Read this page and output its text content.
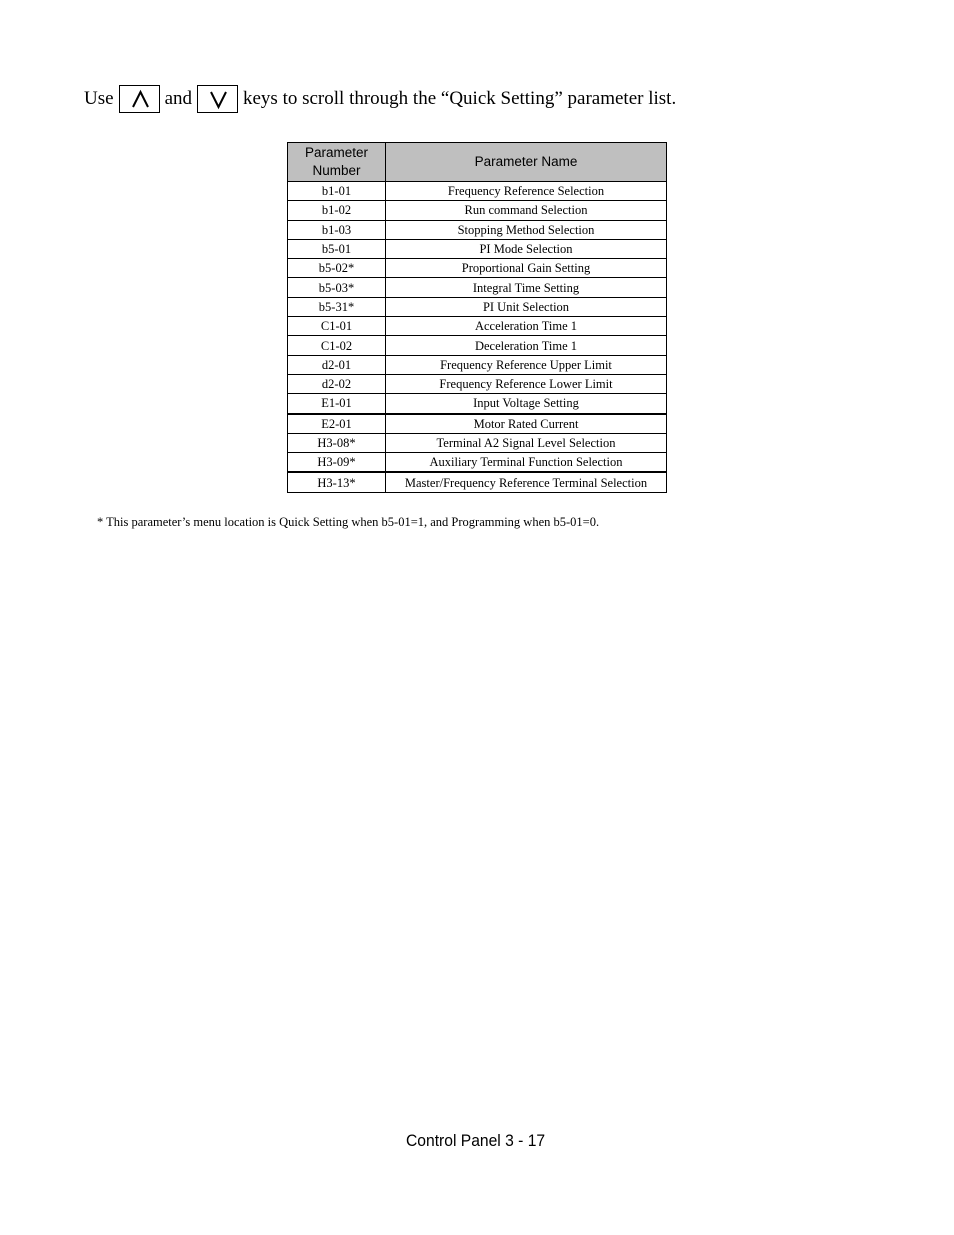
Use	and	keys to scroll through the “Quick Setting” parameter list.
Parameter Number	Parameter Name
b1-01	Frequency Reference Selection
b1-02	Run command Selection
b1-03	Stopping Method Selection
b5-01	PI Mode Selection
b5-02*	Proportional Gain Setting
b5-03*	Integral Time Setting
b5-31*	PI Unit Selection
C1-01	Acceleration Time 1
C1-02	Deceleration Time 1
d2-01	Frequency Reference Upper Limit
d2-02	Frequency Reference Lower Limit
E1-01	Input Voltage Setting
E2-01	Motor Rated Current
H3-08*	Terminal A2 Signal Level Selection
H3-09*	Auxiliary Terminal Function Selection
H3-13*	Master/Frequency Reference Terminal Selection
* This parameter’s menu location is Quick Setting when b5-01=1, and Programming when b5-01=0.
Control Panel 3 - 17
